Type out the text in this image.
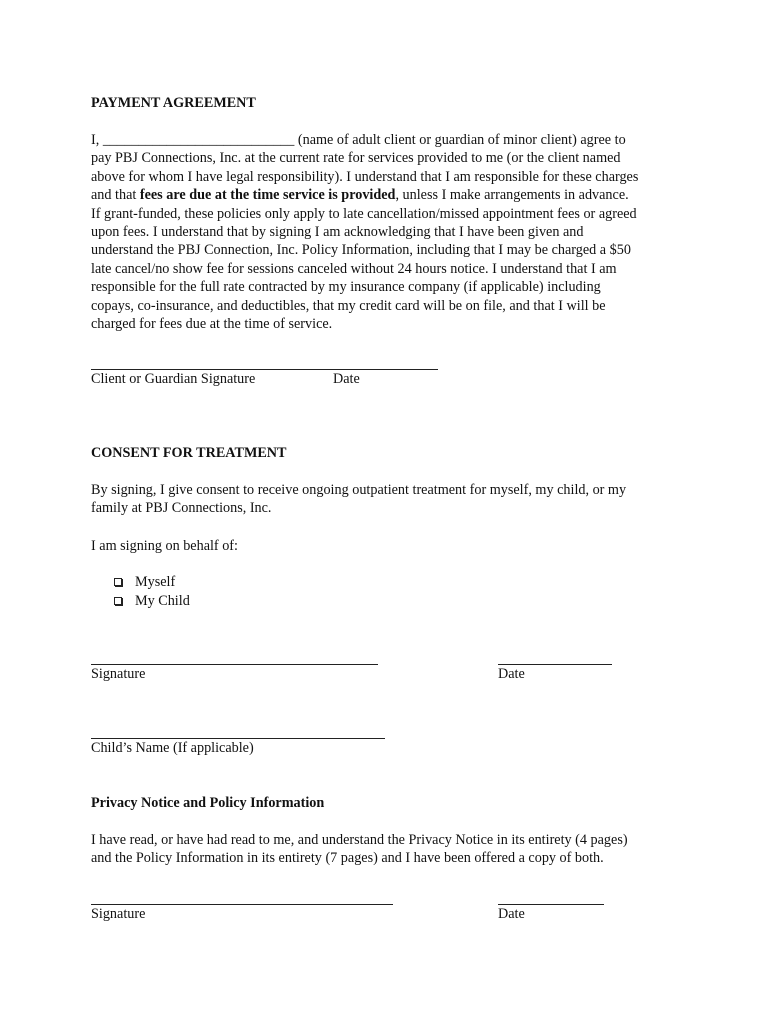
PAYMENT AGREEMENT
I, ___________________________ (name of adult client or guardian of minor client) agree to
pay PBJ Connections, Inc. at the current rate for services provided to me (or the client named
above for whom I have legal responsibility). I understand that I am responsible for these charges
and that fees are due at the time service is provided, unless I make arrangements in advance.
If grant-funded, these policies only apply to late cancellation/missed appointment fees or agreed
upon fees. I understand that by signing I am acknowledging that I have been given and
understand the PBJ Connection, Inc. Policy Information, including that I may be charged a $50
late cancel/no show fee for sessions canceled without 24 hours notice. I understand that I am
responsible for the full rate contracted by my insurance company (if applicable) including
copays, co-insurance, and deductibles, that my credit card will be on file, and that I will be
charged for fees due at the time of service.
Client or Guardian Signature	Date
CONSENT FOR TREATMENT
By signing, I give consent to receive ongoing outpatient treatment for myself, my child, or my
family at PBJ Connections, Inc.
I am signing on behalf of:
Myself
My Child
Signature	Date
Child’s Name (If applicable)
Privacy Notice and Policy Information
I have read, or have had read to me, and understand the Privacy Notice in its entirety (4 pages)
and the Policy Information in its entirety (7 pages) and I have been offered a copy of both.
Signature	Date
